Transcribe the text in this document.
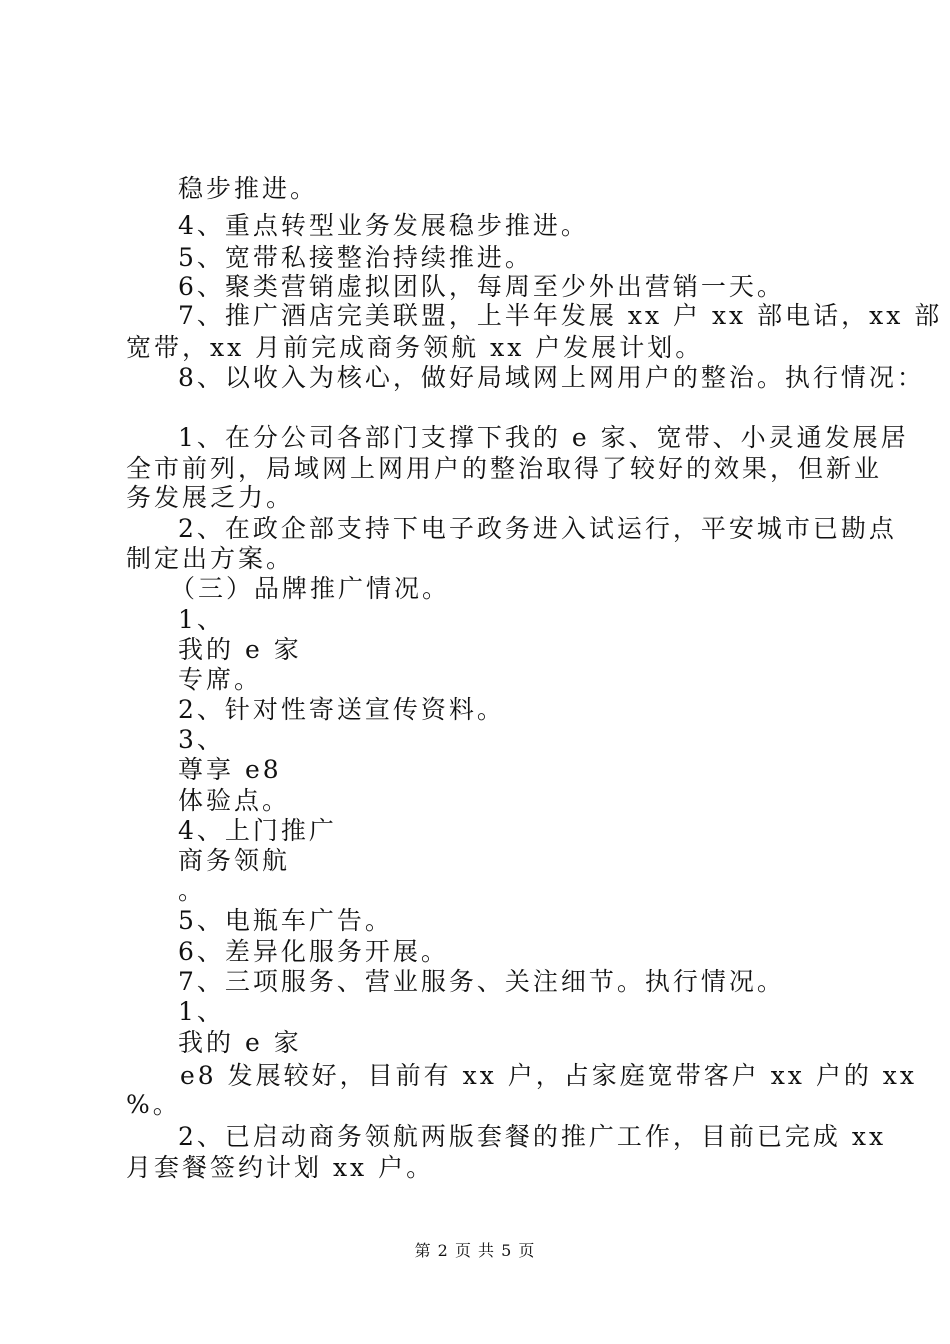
稳步推进。
4、重点转型业务发展稳步推进。
5、宽带私接整治持续推进。
6、聚类营销虚拟团队，每周至少外出营销一天。
7、推广酒店完美联盟，上半年发展 xx 户 xx 部电话，xx 部
宽带，xx 月前完成商务领航 xx 户发展计划。
8、以收入为核心，做好局域网上网用户的整治。执行情况：
1、在分公司各部门支撑下我的 e 家、宽带、小灵通发展居
全市前列，局域网上网用户的整治取得了较好的效果，但新业
务发展乏力。
2、在政企部支持下电子政务进入试运行，平安城市已勘点
制定出方案。
（三）品牌推广情况。
1、
我的 e 家
专席。
2、针对性寄送宣传资料。
3、
尊享 e8
体验点。
4、上门推广
商务领航
。
5、电瓶车广告。
6、差异化服务开展。
7、三项服务、营业服务、关注细节。执行情况。
1、
我的 e 家
e8 发展较好，目前有 xx 户，占家庭宽带客户 xx 户的 xx
%。
2、已启动商务领航两版套餐的推广工作，目前已完成 xx
月套餐签约计划 xx 户。
第 2 页 共 5 页
